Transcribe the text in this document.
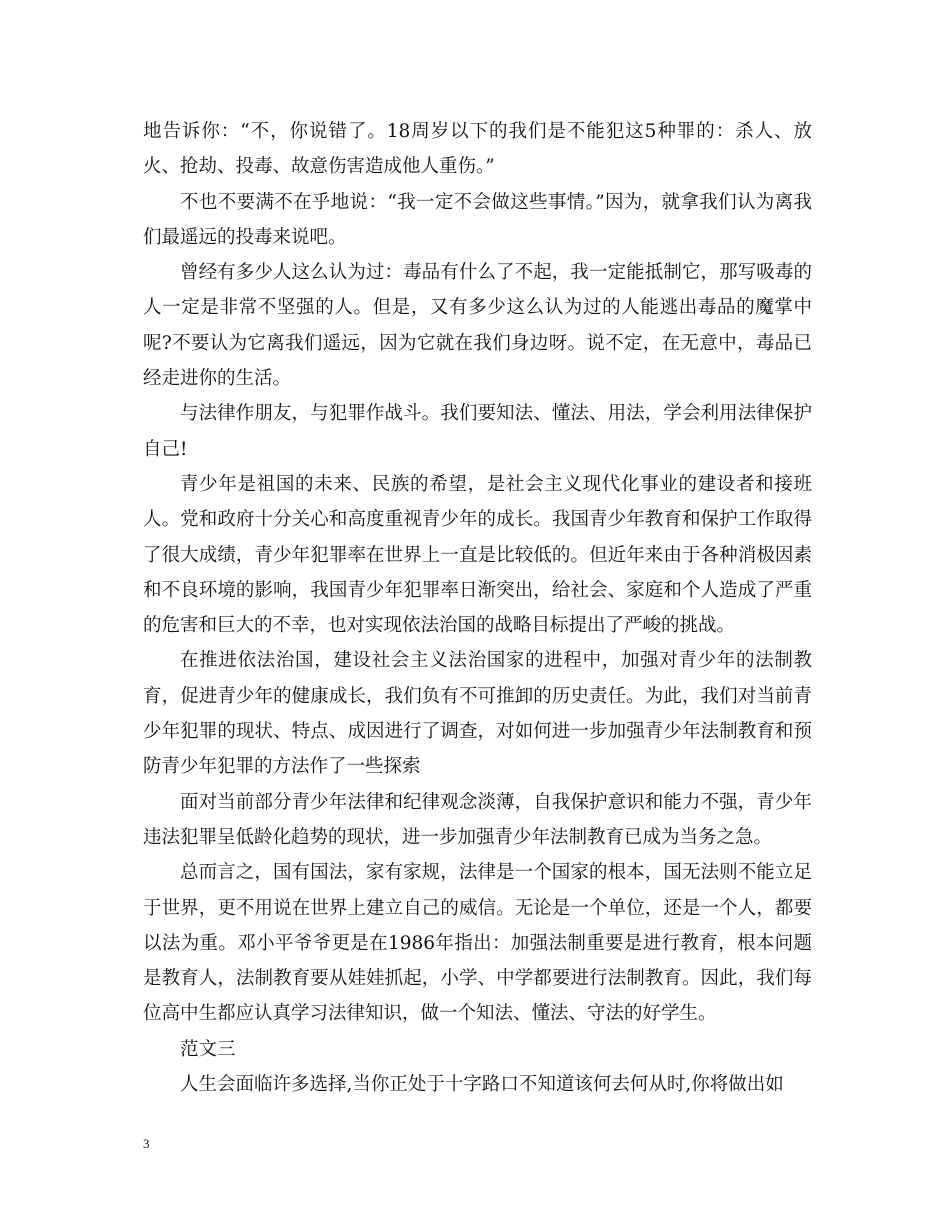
地告诉你：“不，你说错了。18周岁以下的我们是不能犯这5种罪的：杀人、放火、抢劫、投毒、故意伤害造成他人重伤。”

不也不要满不在乎地说：“我一定不会做这些事情。”因为，就拿我们认为离我们最遥远的投毒来说吧。

曾经有多少人这么认为过：毒品有什么了不起，我一定能抵制它，那写吸毒的人一定是非常不坚强的人。但是，又有多少这么认为过的人能逃出毒品的魔掌中呢?不要认为它离我们遥远，因为它就在我们身边呀。说不定，在无意中，毒品已经走进你的生活。

与法律作朋友，与犯罪作战斗。我们要知法、懂法、用法，学会利用法律保护自己!

青少年是祖国的未来、民族的希望，是社会主义现代化事业的建设者和接班人。党和政府十分关心和高度重视青少年的成长。我国青少年教育和保护工作取得了很大成绩，青少年犯罪率在世界上一直是比较低的。但近年来由于各种消极因素和不良环境的影响，我国青少年犯罪率日渐突出，给社会、家庭和个人造成了严重的危害和巨大的不幸，也对实现依法治国的战略目标提出了严峻的挑战。

在推进依法治国，建设社会主义法治国家的进程中，加强对青少年的法制教育，促进青少年的健康成长，我们负有不可推卸的历史责任。为此，我们对当前青少年犯罪的现状、特点、成因进行了调查，对如何进一步加强青少年法制教育和预防青少年犯罪的方法作了一些探索

面对当前部分青少年法律和纪律观念淡薄，自我保护意识和能力不强，青少年违法犯罪呈低龄化趋势的现状，进一步加强青少年法制教育已成为当务之急。

总而言之，国有国法，家有家规，法律是一个国家的根本，国无法则不能立足于世界，更不用说在世界上建立自己的威信。无论是一个单位，还是一个人，都要以法为重。邓小平爷爷更是在1986年指出：加强法制重要是进行教育，根本问题是教育人，法制教育要从娃娃抓起，小学、中学都要进行法制教育。因此，我们每位高中生都应认真学习法律知识，做一个知法、懂法、守法的好学生。

范文三

人生会面临许多选择,当你正处于十字路口不知道该何去何从时,你将做出如

3
